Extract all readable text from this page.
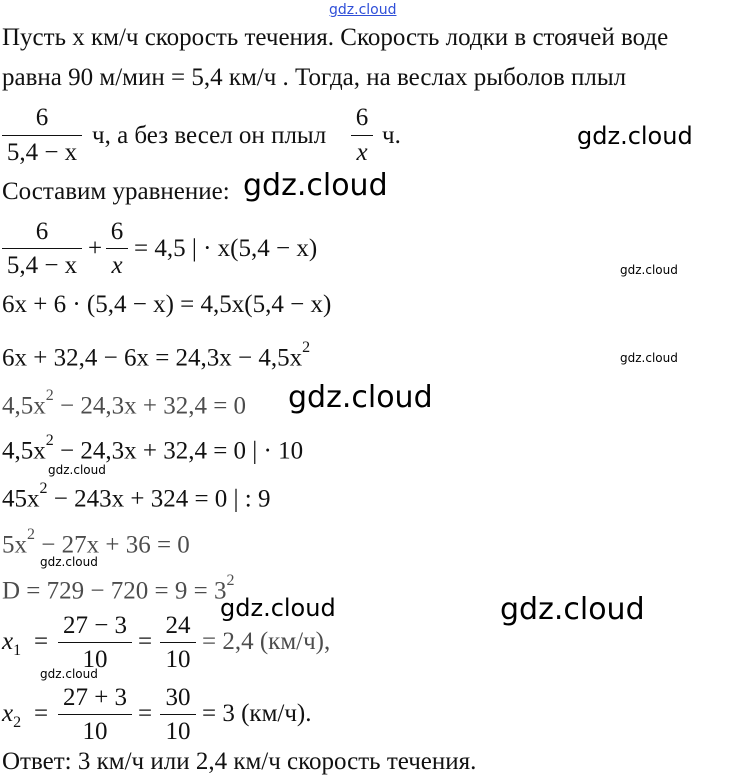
gdz.cloud
Пусть x км/ч скорость течения. Скорость лодки в стоячей воде
равна 90 м/мин = 5,4 км/ч . Тогда, на веслах рыболов плыл
6
5,4 − x
ч, а без весел он плыл
6
x
ч.	gdz.cloud
Составим уравнение: gdz.cloud
6
5,4 − x
+
6
x
= 4,5 | · x(5,4 − x)
gdz.cloud
6x + 6 · (5,4 − x) = 4,5x(5,4 − x)
$6x + 32,4 - 6x = 24,3x - 4,5x^2$
gdz.cloud
$4,5x^2 - 24,3x + 32,4 = 0$ gdz.cloud
$4,5x^2 - 24,3x + 32,4 = 0$ | · 10
gdz.cloud
$45x^2 - 243x + 324 = 0$ | : 9
$5x^2 - 27x + 36 = 0$
gdz.cloud
$D = 729 - 720 = 9 = 3^2$
gdz.cloud	gdz.cloud
$x_1$ =
27 − 3
10
=
24
10
= 2,4 (км/ч),
gdz.cloud
$x_2$ =
27 + 3
10
=
30
10
= 3 (км/ч).
Ответ: 3 км/ч или 2,4 км/ч скорость течения.
